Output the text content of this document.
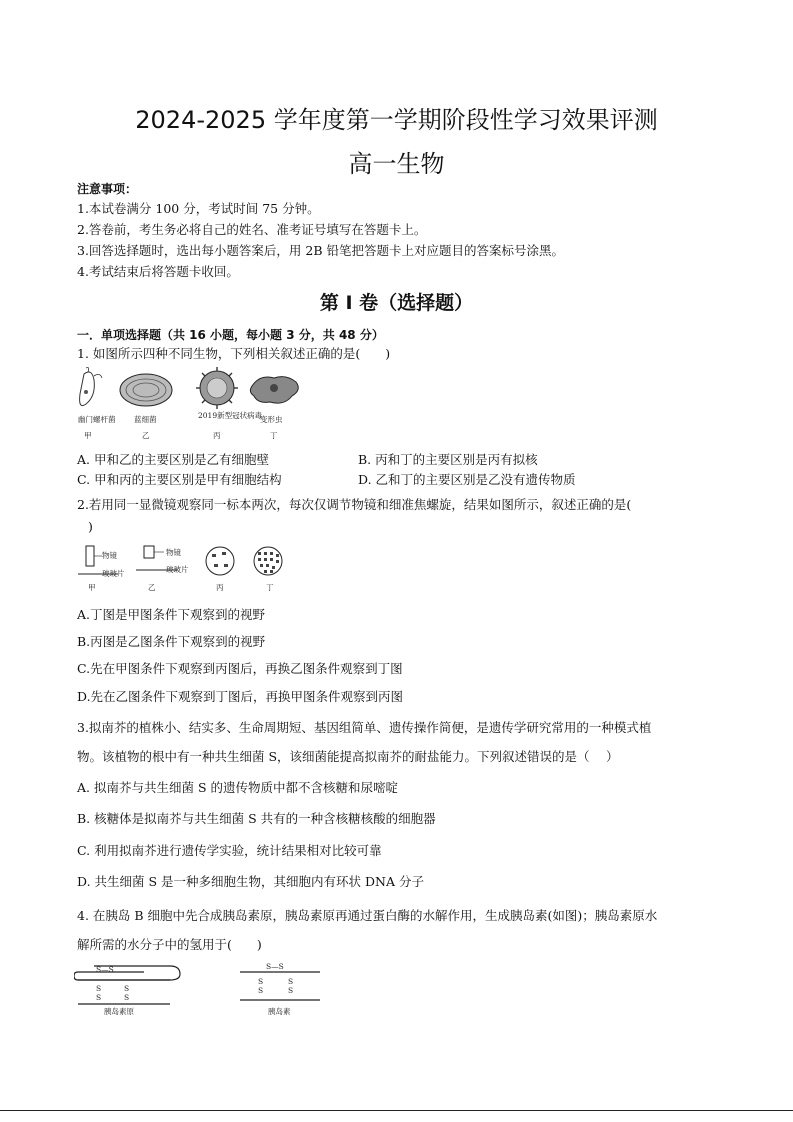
2024-2025 学年度第一学期阶段性学习效果评测
高一生物
注意事项：
1.本试卷满分 100 分，考试时间 75 分钟。
2.答卷前，考生务必将自己的姓名、准考证号填写在答题卡上。
3.回答选择题时，选出每小题答案后，用 2B 铅笔把答题卡上对应题目的答案标号涂黑。
4.考试结束后将答题卡收回。
第 Ⅰ 卷（选择题）
一．单项选择题（共 16 小题，每小题 3 分，共 48 分）
1. 如图所示四种不同生物，下列相关叙述正确的是(　　)
幽门螺杆菌
甲
蓝细菌
乙
2019新型冠状病毒
丙
变形虫
丁
A. 甲和乙的主要区别是乙有细胞壁	B. 丙和丁的主要区别是丙有拟核
C. 甲和丙的主要区别是甲有细胞结构	D. 乙和丁的主要区别是乙没有遗传物质
2.若用同一显微镜观察同一标本两次，每次仅调节物镜和细准焦螺旋，结果如图所示，叙述正确的是(
)
物镜
玻玻片
甲
物镜
玻玻片
乙	丙	丁
A.丁图是甲图条件下观察到的视野
B.丙图是乙图条件下观察到的视野
C.先在甲图条件下观察到丙图后，再换乙图条件观察到丁图
D.先在乙图条件下观察到丁图后，再换甲图条件观察到丙图
3.拟南芥的植株小、结实多、生命周期短、基因组简单、遗传操作简便，是遗传学研究常用的一种模式植
物。该植物的根中有一种共生细菌 S，该细菌能提高拟南芥的耐盐能力。下列叙述错误的是（　 ）
A. 拟南芥与共生细菌 S 的遗传物质中都不含核糖和尿嘧啶
B. 核糖体是拟南芥与共生细菌 S 共有的一种含核糖核酸的细胞器
C. 利用拟南芥进行遗传学实验，统计结果相对比较可靠
D. 共生细菌 S 是一种多细胞生物，其细胞内有环状 DNA 分子
4. 在胰岛 B 细胞中先合成胰岛素原，胰岛素原再通过蛋白酶的水解作用，生成胰岛素(如图)；胰岛素原水
解所需的水分子中的氢用于(　　)
S—S
S	S
S	S
胰岛素原
S—S
S	S
S	S
胰岛素
